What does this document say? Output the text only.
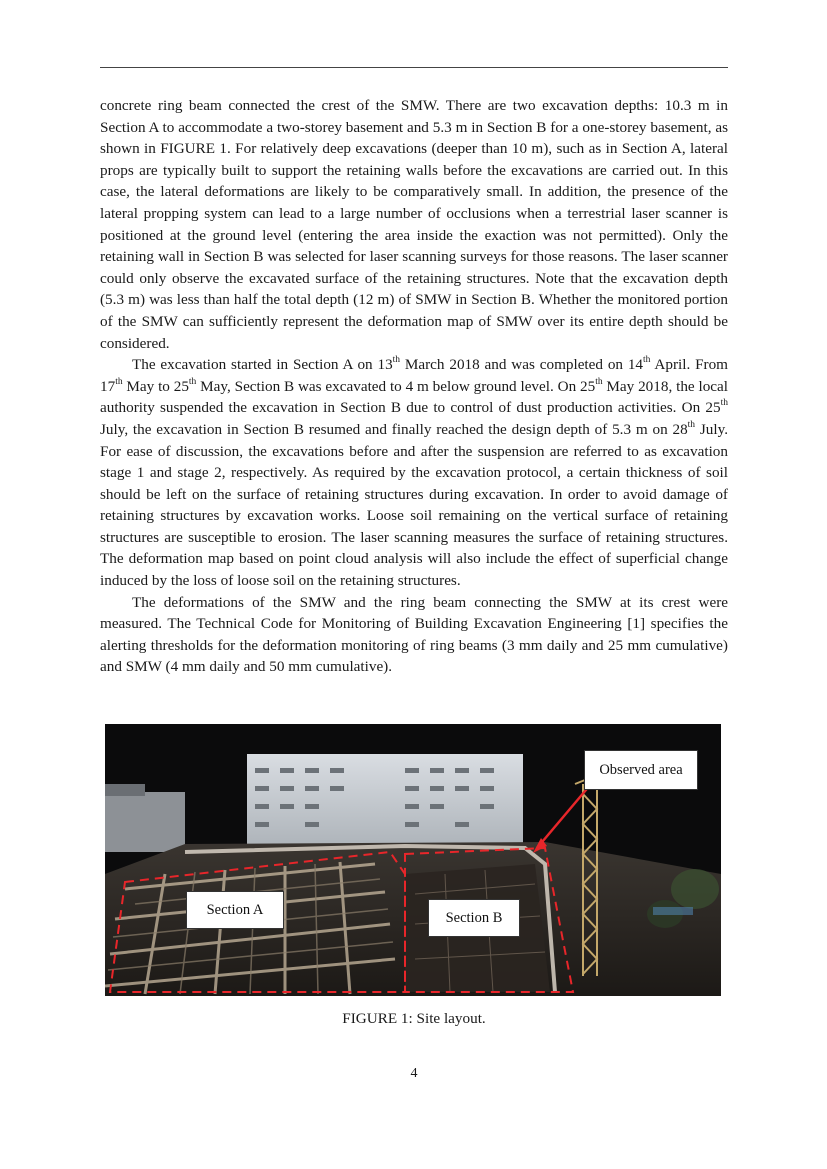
concrete ring beam connected the crest of the SMW. There are two excavation depths: 10.3 m in Section A to accommodate a two-storey basement and 5.3 m in Section B for a one-storey basement, as shown in FIGURE 1. For relatively deep excavations (deeper than 10 m), such as in Section A, lateral props are typically built to support the retaining walls before the excavations are carried out. In this case, the lateral deformations are likely to be comparatively small. In addition, the presence of the lateral propping system can lead to a large number of occlusions when a terrestrial laser scanner is positioned at the ground level (entering the area inside the exaction was not permitted). Only the retaining wall in Section B was selected for laser scanning surveys for those reasons. The laser scanner could only observe the excavated surface of the retaining structures. Note that the excavation depth (5.3 m) was less than half the total depth (12 m) of SMW in Section B. Whether the monitored portion of the SMW can sufficiently represent the deformation map of SMW over its entire depth should be considered.

The excavation started in Section A on 13th March 2018 and was completed on 14th April. From 17th May to 25th May, Section B was excavated to 4 m below ground level. On 25th May 2018, the local authority suspended the excavation in Section B due to control of dust production activities. On 25th July, the excavation in Section B resumed and finally reached the design depth of 5.3 m on 28th July. For ease of discussion, the excavations before and after the suspension are referred to as excavation stage 1 and stage 2, respectively. As required by the excavation protocol, a certain thickness of soil should be left on the surface of retaining structures during excavation. In order to avoid damage of retaining structures by excavation works. Loose soil remaining on the vertical surface of retaining structures are susceptible to erosion. The laser scanning measures the surface of retaining structures. The deformation map based on point cloud analysis will also include the effect of superficial change induced by the loss of loose soil on the retaining structures.

The deformations of the SMW and the ring beam connecting the SMW at its crest were measured. The Technical Code for Monitoring of Building Excavation Engineering [1] specifies the alerting thresholds for the deformation monitoring of ring beams (3 mm daily and 25 mm cumulative) and SMW (4 mm daily and 50 mm cumulative).

Observed area
Section A	Section B
FIGURE 1: Site layout.
4
